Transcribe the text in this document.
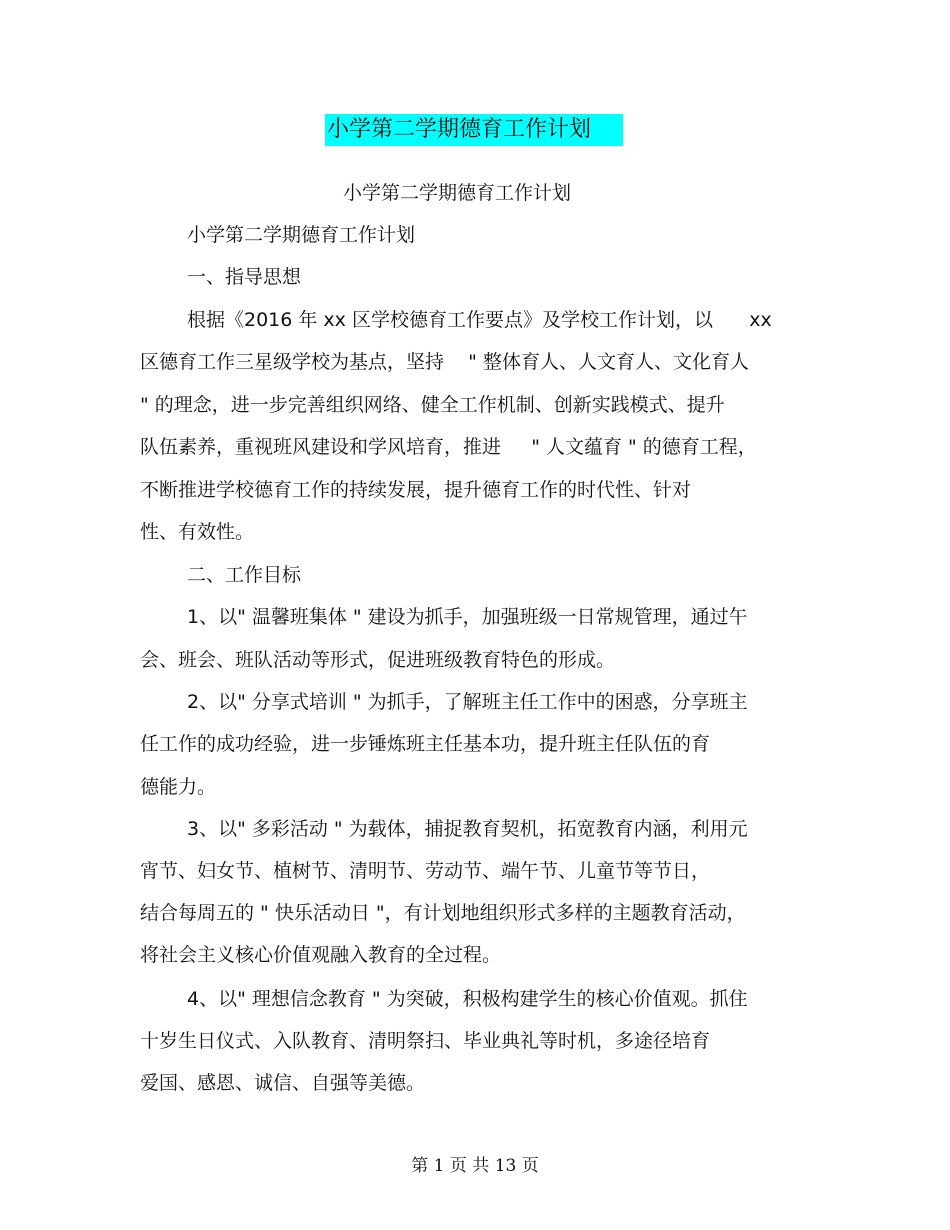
小学第二学期德育工作计划
小学第二学期德育工作计划
小学第二学期德育工作计划
一、指导思想
根据《2016 年 xx 区学校德育工作要点》及学校工作计划，以      xx
区德育工作三星级学校为基点，坚持    " 整体育人、人文育人、文化育人
" 的理念，进一步完善组织网络、健全工作机制、创新实践模式、提升
队伍素养，重视班风建设和学风培育，推进     " 人文蕴育 " 的德育工程，
不断推进学校德育工作的持续发展，提升德育工作的时代性、针对
性、有效性。
二、工作目标
1、以" 温馨班集体 " 建设为抓手，加强班级一日常规管理，通过午
会、班会、班队活动等形式，促进班级教育特色的形成。
2、以" 分享式培训 " 为抓手，了解班主任工作中的困惑，分享班主
任工作的成功经验，进一步锤炼班主任基本功，提升班主任队伍的育
德能力。
3、以" 多彩活动 " 为载体，捕捉教育契机，拓宽教育内涵，利用元
宵节、妇女节、植树节、清明节、劳动节、端午节、儿童节等节日，
结合每周五的 " 快乐活动日 "，有计划地组织形式多样的主题教育活动，
将社会主义核心价值观融入教育的全过程。
4、以" 理想信念教育 " 为突破，积极构建学生的核心价值观。抓住
十岁生日仪式、入队教育、清明祭扫、毕业典礼等时机，多途径培育
爱国、感恩、诚信、自强等美德。
第 1 页 共 13 页
